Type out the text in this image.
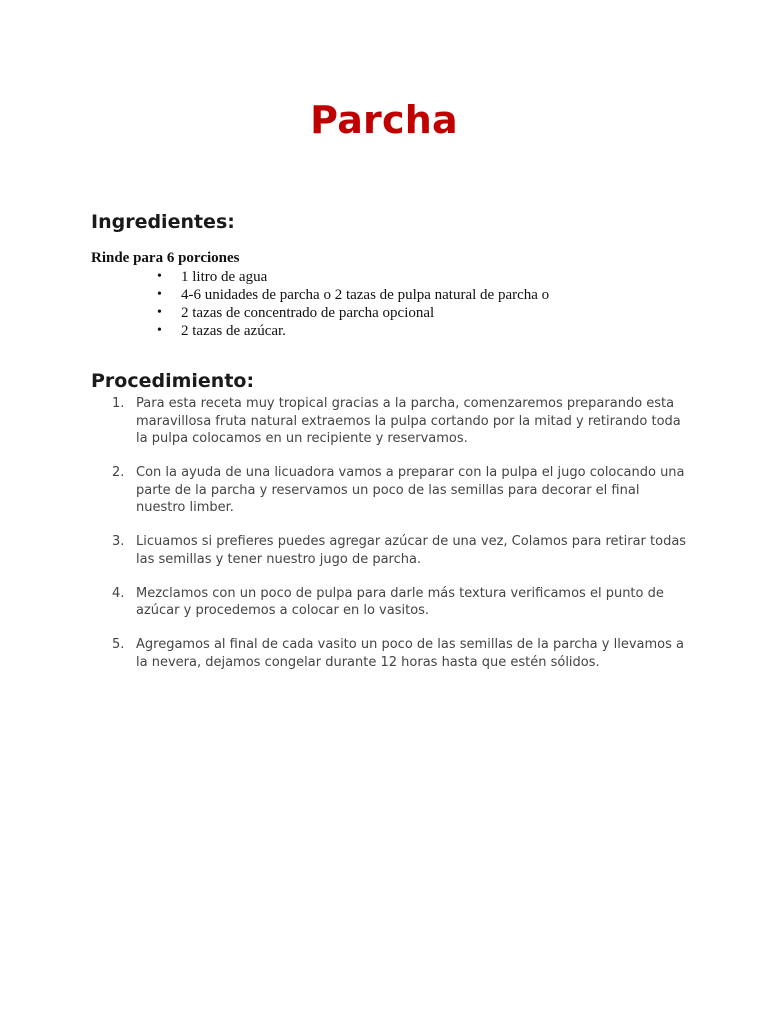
Parcha
Ingredientes:

Rinde para 6 porciones

• 1 litro de agua
• 4-6 unidades de parcha o 2 tazas de pulpa natural de parcha o
• 2 tazas de concentrado de parcha opcional
• 2 tazas de azúcar.
Procedimiento:
1. Para esta receta muy tropical gracias a la parcha, comenzaremos preparando esta maravillosa fruta natural extraemos la pulpa cortando por la mitad y retirando toda la pulpa colocamos en un recipiente y reservamos.
2. Con la ayuda de una licuadora vamos a preparar con la pulpa el jugo colocando una parte de la parcha y reservamos un poco de las semillas para decorar el final nuestro limber.
3. Licuamos si prefieres puedes agregar azúcar de una vez, Colamos para retirar todas las semillas y tener nuestro jugo de parcha.
4. Mezclamos con un poco de pulpa para darle más textura verificamos el punto de azúcar y procedemos a colocar en lo vasitos.
5. Agregamos al final de cada vasito un poco de las semillas de la parcha y llevamos a la nevera, dejamos congelar durante 12 horas hasta que estén sólidos.
